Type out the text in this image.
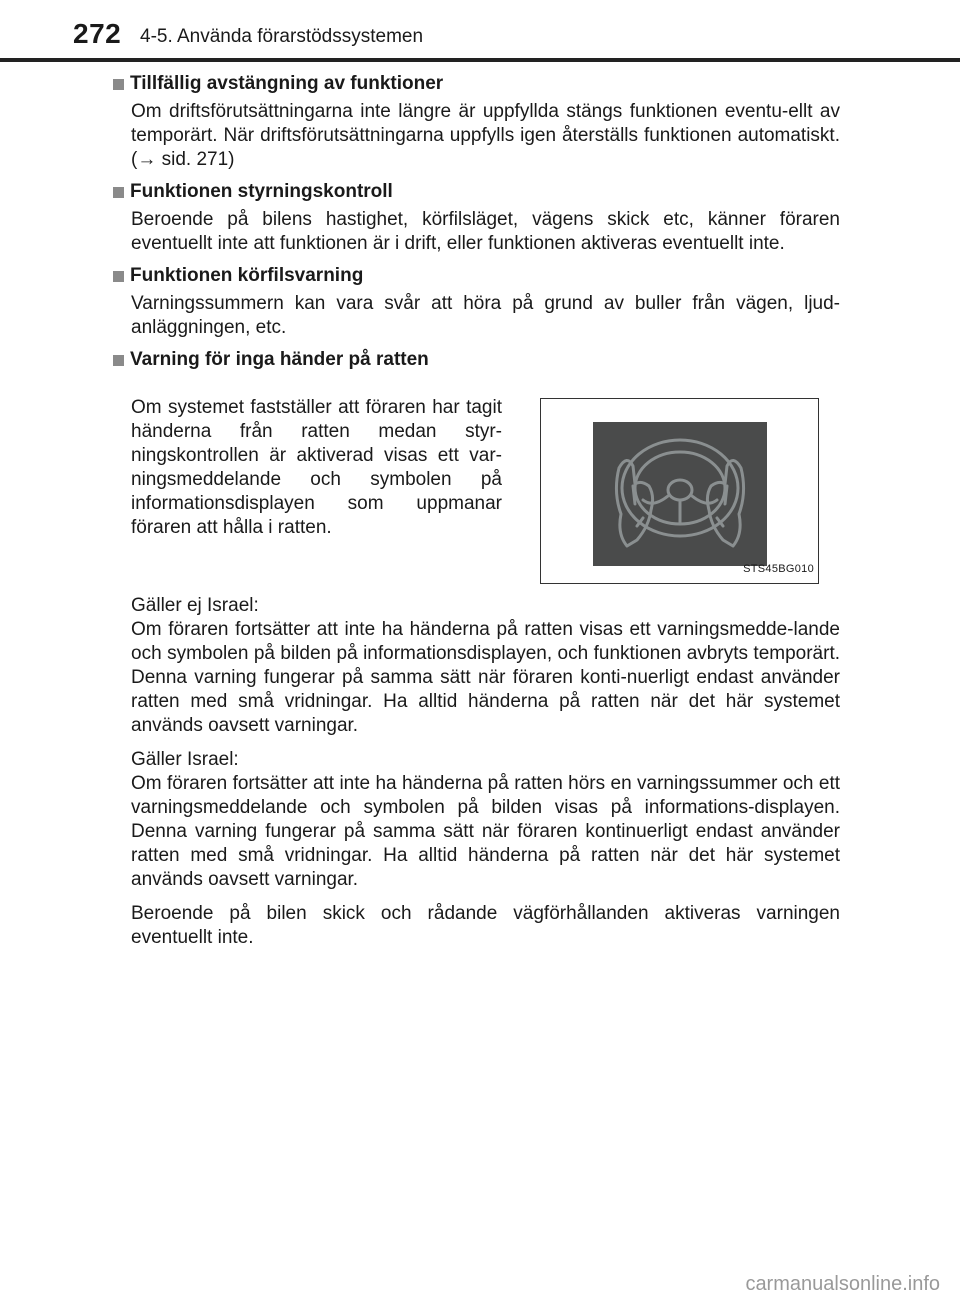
272 4-5. Använda förarstödssystemen
Tillfällig avstängning av funktioner
Om driftsförutsättningarna inte längre är uppfyllda stängs funktionen eventu-ellt av temporärt. När driftsförutsättningarna uppfylls igen återställs funktionen automatiskt. (→ sid. 271)
Funktionen styrningskontroll
Beroende på bilens hastighet, körfilsläget, vägens skick etc, känner föraren eventuellt inte att funktionen är i drift, eller funktionen aktiveras eventuellt inte.
Funktionen körfilsvarning
Varningssummern kan vara svår att höra på grund av buller från vägen, ljud-anläggningen, etc.
Varning för inga händer på ratten
Om systemet fastställer att föraren har tagit händerna från ratten medan styr-ningskontrollen är aktiverad visas ett var-ningsmeddelande och symbolen på informationsdisplayen som uppmanar föraren att hålla i ratten.
STS45BG010
Gäller ej Israel:
Om föraren fortsätter att inte ha händerna på ratten visas ett varningsmedde-lande och symbolen på bilden på informationsdisplayen, och funktionen avbryts temporärt. Denna varning fungerar på samma sätt när föraren konti-nuerligt endast använder ratten med små vridningar. Ha alltid händerna på ratten när det här systemet används oavsett varningar.
Gäller Israel:
Om föraren fortsätter att inte ha händerna på ratten hörs en varningssummer och ett varningsmeddelande och symbolen på bilden visas på informations-displayen. Denna varning fungerar på samma sätt när föraren kontinuerligt endast använder ratten med små vridningar. Ha alltid händerna på ratten när det här systemet används oavsett varningar.
Beroende på bilen skick och rådande vägförhållanden aktiveras varningen eventuellt inte.
carmanualsonline.info
